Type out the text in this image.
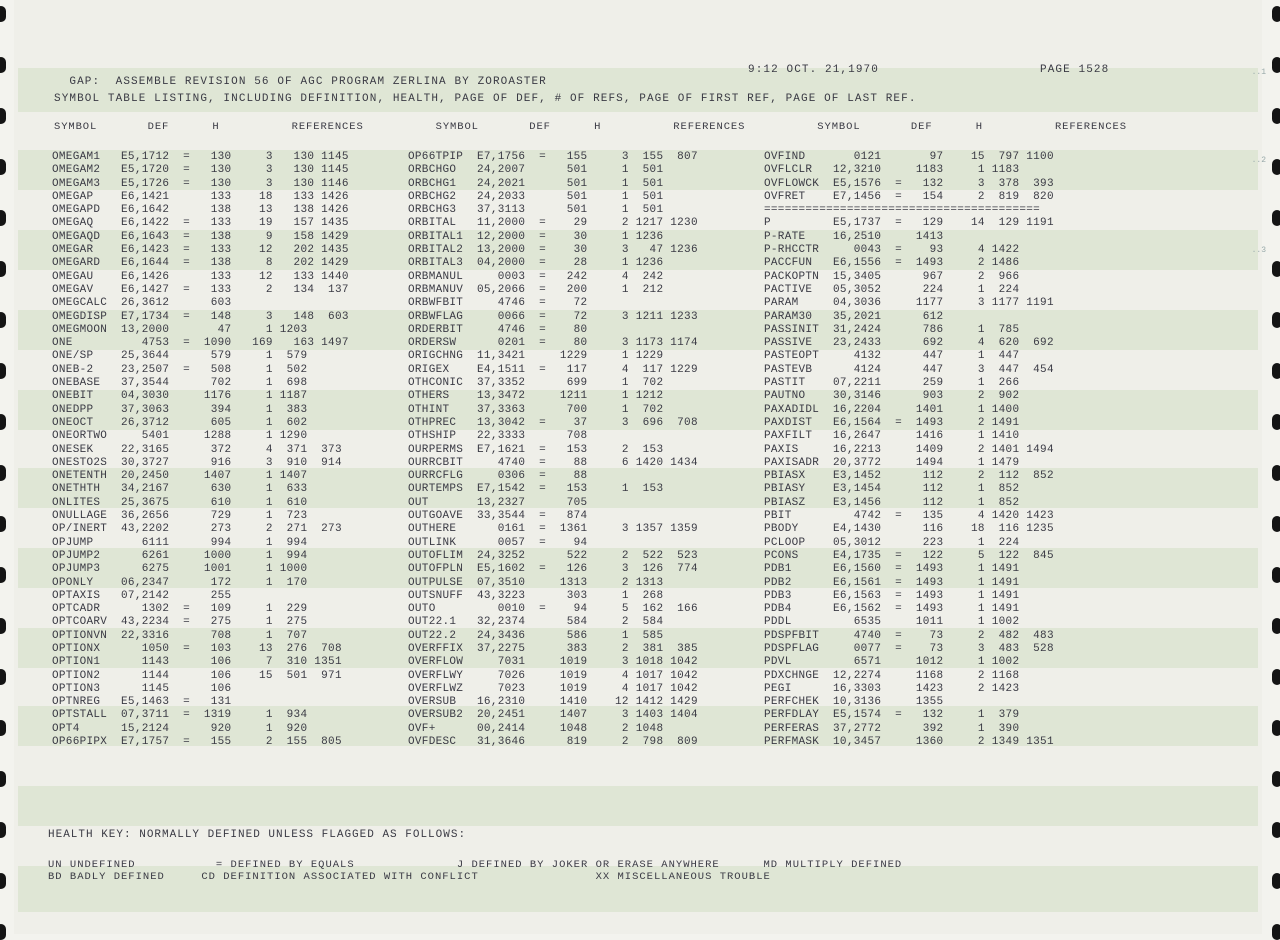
..1
..2
..3

GAP:  ASSEMBLE REVISION 56 OF AGC PROGRAM ZERLINA BY ZOROASTER

9:12 OCT. 21,1970	PAGE 1528
SYMBOL TABLE LISTING, INCLUDING DEFINITION, HEALTH, PAGE OF DEF, # OF REFS, PAGE OF FIRST REF, PAGE OF LAST REF.
SYMBOL       DEF      H          REFERENCES          SYMBOL       DEF      H          REFERENCES          SYMBOL       DEF      H          REFERENCES
OMEGAM1   E5,1712  =   130     3   130 1145
OMEGAM2   E5,1720  =   130     3   130 1145
OMEGAM3   E5,1726  =   130     3   130 1146
OMEGAP    E6,1421      133    18   133 1426
OMEGAPD   E6,1642      138    13   138 1426
OMEGAQ    E6,1422  =   133    19   157 1435
OMEGAQD   E6,1643  =   138     9   158 1429
OMEGAR    E6,1423  =   133    12   202 1435
OMEGARD   E6,1644  =   138     8   202 1429
OMEGAU    E6,1426      133    12   133 1440
OMEGAV    E6,1427  =   133     2   134  137
OMEGCALC  26,3612      603
OMEGDISP  E7,1734  =   148     3   148  603
OMEGMOON  13,2000       47     1 1203
ONE          4753  =  1090   169   163 1497
ONE/SP    25,3644      579     1  579
ONEB-2    23,2507  =   508     1  502
ONEBASE   37,3544      702     1  698
ONEBIT    04,3030     1176     1 1187
ONEDPP    37,3063      394     1  383
ONEOCT    26,3712      605     1  602
ONEORTWO     5401     1288     1 1290
ONESEK    22,3165      372     4  371  373
ONESTO2S  30,3727      916     3  910  914
ONETENTH  20,2450     1407     1 1407
ONETHTH   34,2167      630     1  633
ONLITES   25,3675      610     1  610
ONULLAGE  36,2656      729     1  723
OP/INERT  43,2202      273     2  271  273
OPJUMP       6111      994     1  994
OPJUMP2      6261     1000     1  994
OPJUMP3      6275     1001     1 1000
OPONLY    06,2347      172     1  170
OPTAXIS   07,2142      255
OPTCADR      1302  =   109     1  229
OPTCOARV  43,2234  =   275     1  275
OPTIONVN  22,3316      708     1  707
OPTIONX      1050  =   103    13  276  708
OPTION1      1143      106     7  310 1351
OPTION2      1144      106    15  501  971
OPTION3      1145      106
OPTNREG   E5,1463  =   131
OPTSTALL  07,3711  =  1319     1  934
OPT4      15,2124      920     1  920
OP66PIPX  E7,1757  =   155     2  155  805
OP66TPIP  E7,1756  =   155     3  155  807
ORBCHGO   24,2007      501     1  501
ORBCHG1   24,2021      501     1  501
ORBCHG2   24,2033      501     1  501
ORBCHG3   37,3113      501     1  501
ORBITAL   11,2000  =    29     2 1217 1230
ORBITAL1  12,2000  =    30     1 1236
ORBITAL2  13,2000  =    30     3   47 1236
ORBITAL3  04,2000  =    28     1 1236
ORBMANUL     0003  =   242     4  242
ORBMANUV  05,2066  =   200     1  212
ORBWFBIT     4746  =    72
ORBWFLAG     0066  =    72     3 1211 1233
ORDERBIT     4746  =    80
ORDERSW      0201  =    80     3 1173 1174
ORIGCHNG  11,3421     1229     1 1229
ORIGEX    E4,1511  =   117     4  117 1229
OTHCONIC  37,3352      699     1  702
OTHERS    13,3472     1211     1 1212
OTHINT    37,3363      700     1  702
OTHPREC   13,3042  =    37     3  696  708
OTHSHIP   22,3333      708
OURPERMS  E7,1621  =   153     2  153
OURRCBIT     4740  =    88     6 1420 1434
OURRCFLG     0306  =    88
OURTEMPS  E7,1542  =   153     1  153
OUT       13,2327      705
OUTGOAVE  33,3544  =   874
OUTHERE      0161  =  1361     3 1357 1359
OUTLINK      0057  =    94
OUTOFLIM  24,3252      522     2  522  523
OUTOFPLN  E5,1602  =   126     3  126  774
OUTPULSE  07,3510     1313     2 1313
OUTSNUFF  43,3223      303     1  268
OUTO         0010  =    94     5  162  166
OUT22.1   32,2374      584     2  584
OUT22.2   24,3436      586     1  585
OVERFFIX  37,2275      383     2  381  385
OVERFLOW     7031     1019     3 1018 1042
OVERFLWY     7026     1019     4 1017 1042
OVERFLWZ     7023     1019     4 1017 1042
OVERSUB   16,2310     1410    12 1412 1429
OVERSUB2  20,2451     1407     3 1403 1404
OVF+      00,2414     1048     2 1048
OVFDESC   31,3646      819     2  798  809
OVFIND       0121       97    15  797 1100
OVFLCLR   12,3210     1183     1 1183
OVFLOWCK  E5,1576  =   132     3  378  393
OVFRET    E7,1456  =   154     2  819  820
========================================
P         E5,1737  =   129    14  129 1191
P-RATE    16,2510     1413
P-RHCCTR     0043  =    93     4 1422
PACCFUN   E6,1556  =  1493     2 1486
PACKOPTN  15,3405      967     2  966
PACTIVE   05,3052      224     1  224
PARAM     04,3036     1177     3 1177 1191
PARAM30   35,2021      612
PASSINIT  31,2424      786     1  785
PASSIVE   23,2433      692     4  620  692
PASTEOPT     4132      447     1  447
PASTEVB      4124      447     3  447  454
PASTIT    07,2211      259     1  266
PAUTNO    30,3146      903     2  902
PAXADIDL  16,2204     1401     1 1400
PAXDIST   E6,1564  =  1493     2 1491
PAXFILT   16,2647     1416     1 1410
PAXIS     16,2213     1409     2 1401 1494
PAXISADR  20,3772     1494     1 1479
PBIASX    E3,1452      112     2  112  852
PBIASY    E3,1454      112     1  852
PBIASZ    E3,1456      112     1  852
PBIT         4742  =   135     4 1420 1423
PBODY     E4,1430      116    18  116 1235
PCLOOP    05,3012      223     1  224
PCONS     E4,1735  =   122     5  122  845
PDB1      E6,1560  =  1493     1 1491
PDB2      E6,1561  =  1493     1 1491
PDB3      E6,1563  =  1493     1 1491
PDB4      E6,1562  =  1493     1 1491
PDDL         6535     1011     1 1002
PDSPFBIT     4740  =    73     2  482  483
PDSPFLAG     0077  =    73     3  483  528
PDVL         6571     1012     1 1002
PDXCHNGE  12,2274     1168     2 1168
PEGI      16,3303     1423     2 1423
PERFCHEK  10,3136     1355
PERFDLAY  E5,1574  =   132     1  379
PERFERAS  37,2772      392     1  390
PERFMASK  10,3457     1360     2 1349 1351
HEALTH KEY: NORMALLY DEFINED UNLESS FLAGGED AS FOLLOWS:
UN UNDEFINED           = DEFINED BY EQUALS              J DEFINED BY JOKER OR ERASE ANYWHERE      MD MULTIPLY DEFINED
BD BADLY DEFINED     CD DEFINITION ASSOCIATED WITH CONFLICT                XX MISCELLANEOUS TROUBLE
